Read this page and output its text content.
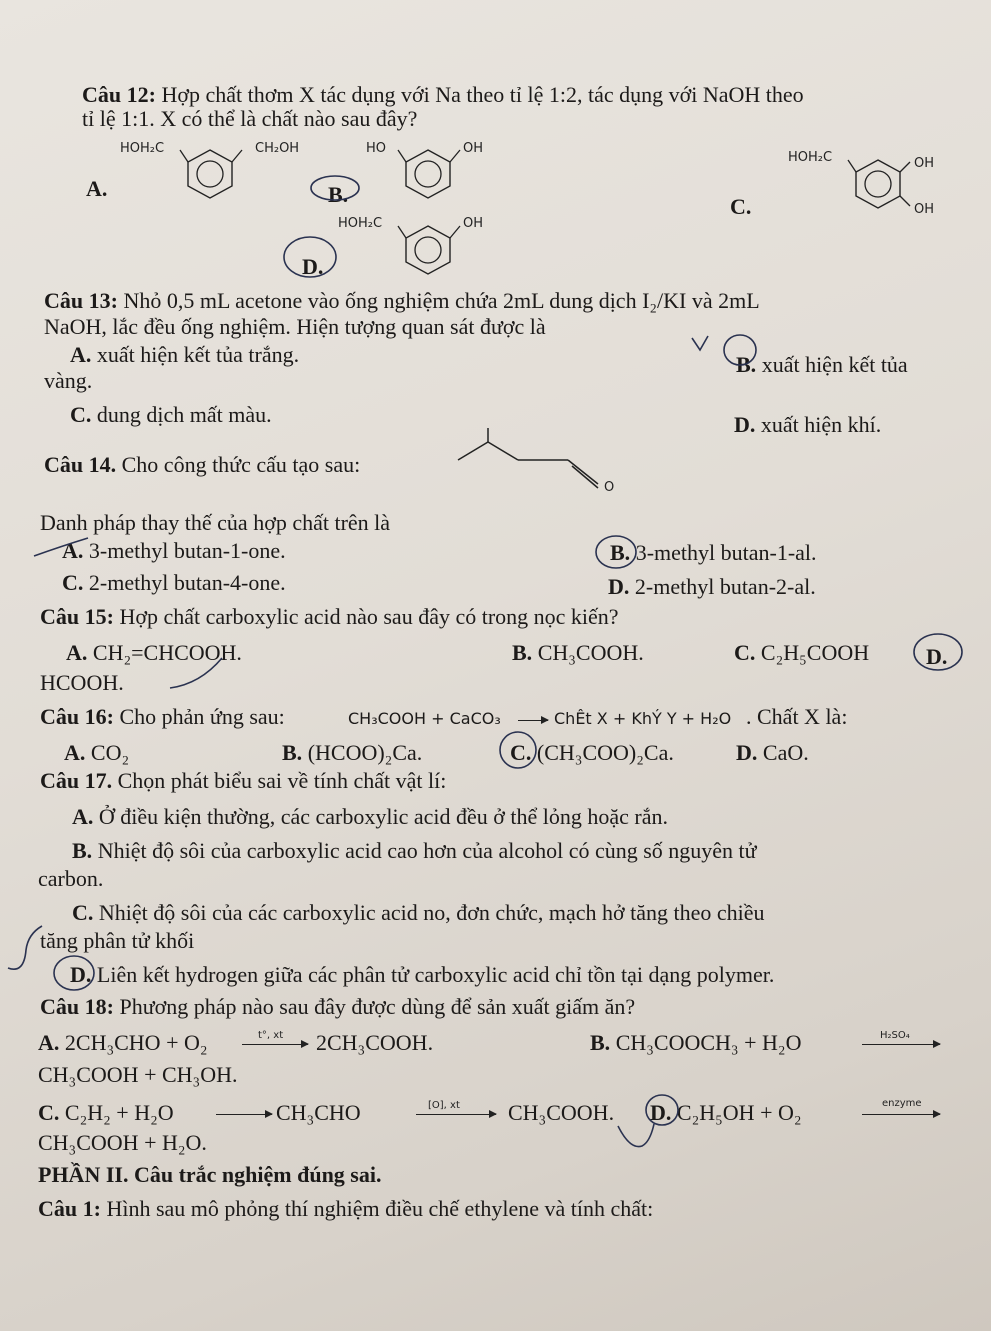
Câu 12: Hợp chất thơm X tác dụng với Na theo tỉ lệ 1:2, tác dụng với NaOH theo
tỉ lệ 1:1. X có thể là chất nào sau đây?
A.
HOH₂C	CH₂OH
B.
HO	OH
C.
HOH₂C	OH
OH
D.
HOH₂C	OH
Câu 13: Nhỏ 0,5 mL acetone vào ống nghiệm chứa 2mL dung dịch I₂/KI và 2mL
NaOH, lắc đều ống nghiệm. Hiện tượng quan sát được là
A. xuất hiện kết tủa trắng.	B. xuất hiện kết tủa
vàng.
C. dung dịch mất màu.	D. xuất hiện khí.
Câu 14. Cho công thức cấu tạo sau:
O
Danh pháp thay thế của hợp chất trên là
A. 3-methyl butan-1-one.	B. 3-methyl butan-1-al.
C. 2-methyl butan-4-one.	D. 2-methyl butan-2-al.
Câu 15: Hợp chất carboxylic acid nào sau đây có trong nọc kiến?
A. CH₂=CHCOOH.	B. CH₃COOH.	C. C₂H₅COOH	D.
HCOOH.
Câu 16: Cho phản ứng sau:	CH₃COOH + CaCO₃	ChÊt X + KhÝ Y + H₂O . Chất X là:
A. CO₂	B. (HCOO)₂Ca.	C. (CH₃COO)₂Ca.	D. CaO.
Câu 17. Chọn phát biểu sai về tính chất vật lí:
A. Ở điều kiện thường, các carboxylic acid đều ở thể lỏng hoặc rắn.
B. Nhiệt độ sôi của carboxylic acid cao hơn của alcohol có cùng số nguyên tử
carbon.
C. Nhiệt độ sôi của các carboxylic acid no, đơn chức, mạch hở tăng theo chiều
tăng phân tử khối
D. Liên kết hydrogen giữa các phân tử carboxylic acid chỉ tồn tại dạng polymer.
Câu 18: Phương pháp nào sau đây được dùng để sản xuất giấm ăn?
A. 2CH₃CHO + O₂	t°, xt 2CH₃COOH.	B. CH₃COOCH₃ + H₂O	H₂SO₄
CH₃COOH + CH₃OH.
C. C₂H₂ + H₂O	CH₃CHO	[O], xt CH₃COOH. D. C₂H₅OH + O₂	enzyme
CH₃COOH + H₂O.
PHẦN II. Câu trắc nghiệm đúng sai.
Câu 1: Hình sau mô phỏng thí nghiệm điều chế ethylene và tính chất:
